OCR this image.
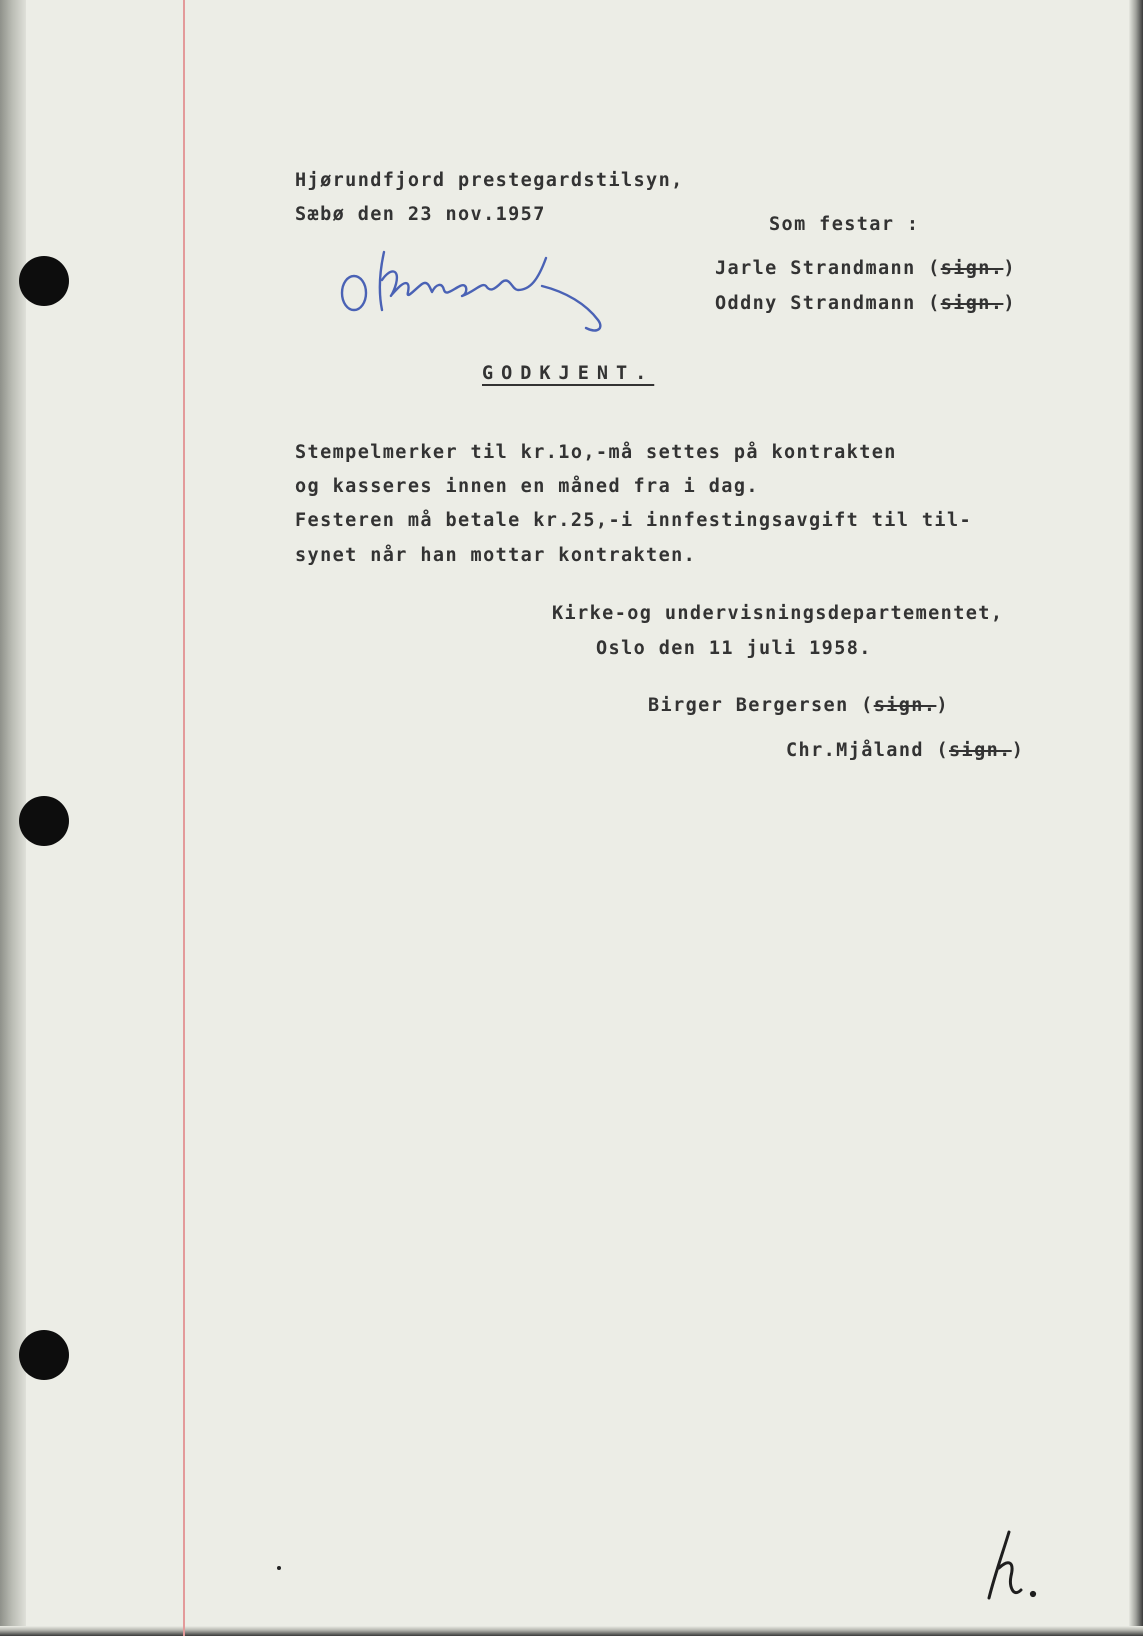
Hjørundfjord prestegardstilsyn,
Sæbø den 23 nov.1957	Som festar :
Jarle Strandmann (sign.)
Oddny Strandmann (sign.)
GODKJENT.
Stempelmerker til kr.1o,-må settes på kontrakten
og kasseres innen en måned fra i dag.
Festeren må betale kr.25,-i innfestingsavgift til til-
synet når han mottar kontrakten.
Kirke-og undervisningsdepartementet,
Oslo den 11 juli 1958.
Birger Bergersen (sign.)
Chr.Mjåland (sign.)
